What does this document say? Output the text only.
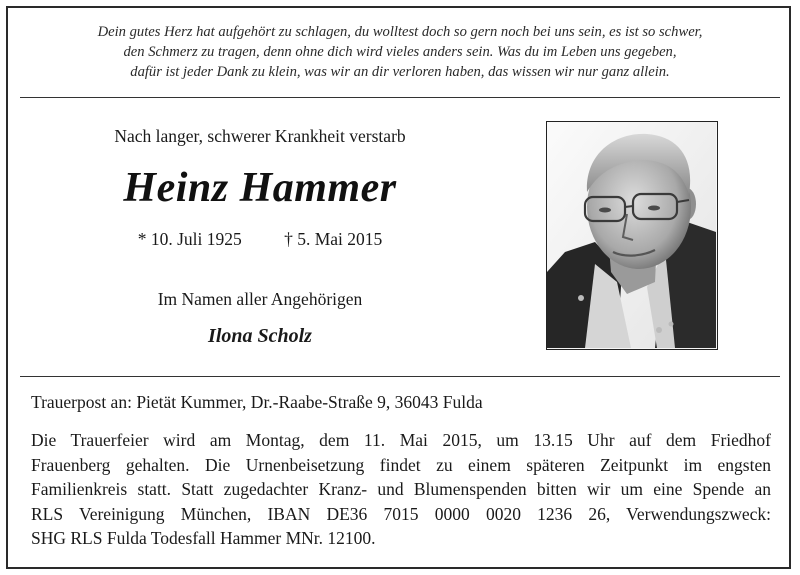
Dein gutes Herz hat aufgehört zu schlagen, du wolltest doch so gern noch bei uns sein, es ist so schwer,
den Schmerz zu tragen, denn ohne dich wird vieles anders sein. Was du im Leben uns gegeben,
dafür ist jeder Dank zu klein, was wir an dir verloren haben, das wissen wir nur ganz allein.
Nach langer, schwerer Krankheit verstarb
Heinz Hammer
* 10. Juli 1925 † 5. Mai 2015
Im Namen aller Angehörigen
Ilona Scholz
Trauerpost an: Pietät Kummer, Dr.-Raabe-Straße 9, 36043 Fulda
Die Trauerfeier wird am Montag, dem 11. Mai 2015, um 13.15 Uhr auf dem Friedhof
Frauenberg gehalten. Die Urnenbeisetzung findet zu einem späteren Zeitpunkt im engsten
Familienkreis statt. Statt zugedachter Kranz- und Blumenspenden bitten wir um eine Spende an
RLS Vereinigung München, IBAN DE36 7015 0000 0020 1236 26, Verwendungszweck:
SHG RLS Fulda Todesfall Hammer MNr. 12100.
